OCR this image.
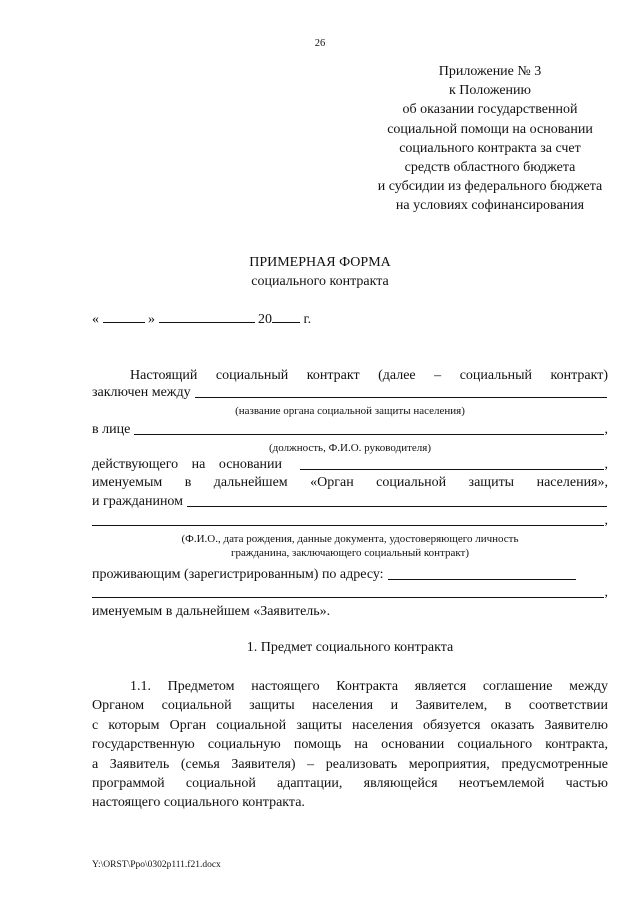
26
Приложение № 3
к Положению
об оказании государственной
социальной помощи на основании
социального контракта за счет
средств областного бюджета
и субсидии из федерального бюджета
на условиях софинансирования
ПРИМЕРНАЯ ФОРМА
социального контракта
«	»	20 г.
Настоящий социальный контракт (далее – социальный контракт)
заключен между
(название органа социальной защиты населения)
в лице	,
(должность, Ф.И.О. руководителя)
действующего на основании	,
именуемым в дальнейшем «Орган социальной защиты населения»,
и гражданином
,
(Ф.И.О., дата рождения, данные документа, удостоверяющего личность
гражданина, заключающего социальный контракт)
проживающим (зарегистрированным) по адресу:
,
именуемым в дальнейшем «Заявитель».
1. Предмет социального контракта
1.1. Предметом настоящего Контракта является соглашение между
Органом социальной защиты населения и Заявителем, в соответствии
с которым Орган социальной защиты населения обязуется оказать Заявителю
государственную социальную помощь на основании социального контракта,
а Заявитель (семья Заявителя) – реализовать мероприятия, предусмотренные
программой социальной адаптации, являющейся неотъемлемой частью
настоящего социального контракта.
Y:\ORST\Ppo\0302p111.f21.docx
